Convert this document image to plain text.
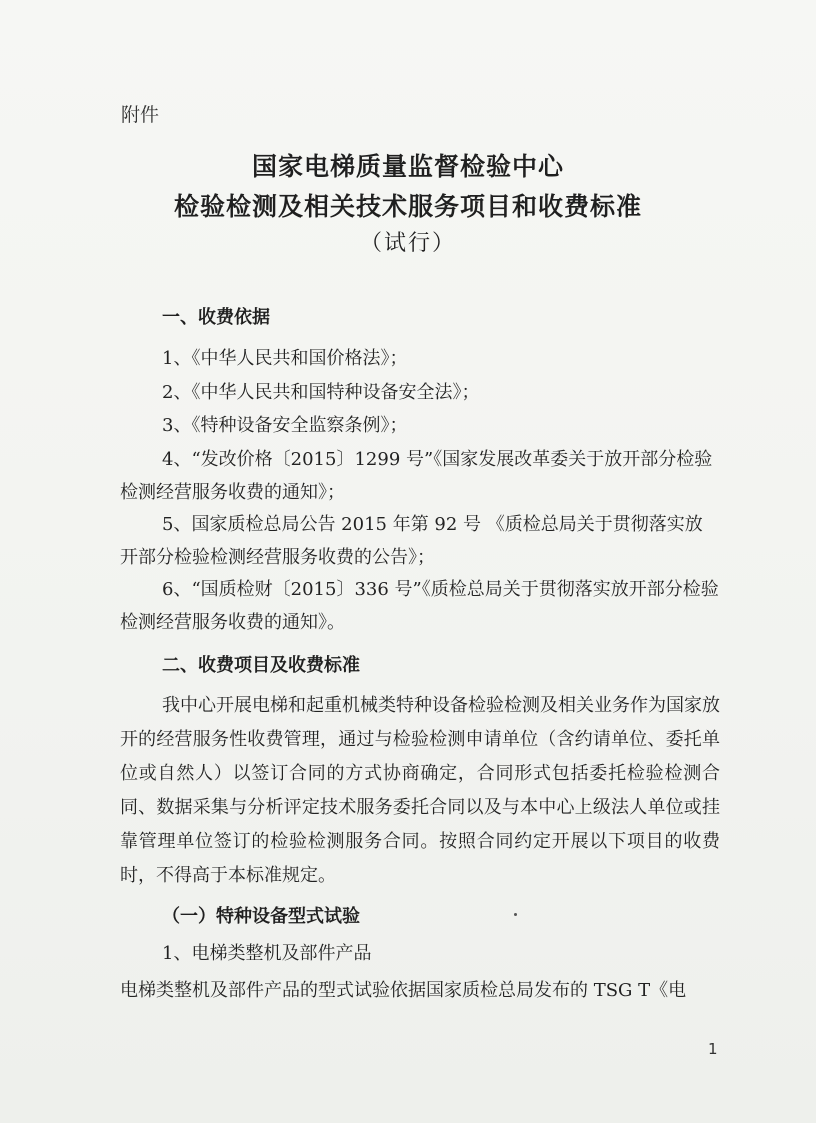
附件

国家电梯质量监督检验中心
检验检测及相关技术服务项目和收费标准

（试行）

一、收费依据

1、《中华人民共和国价格法》；

2、《中华人民共和国特种设备安全法》；

3、《特种设备安全监察条例》；

4、“发改价格〔2015〕1299 号”《国家发展改革委关于放开部分检验检测经营服务收费的通知》；

5、国家质检总局公告 2015 年第 92 号 《质检总局关于贯彻落实放开部分检验检测经营服务收费的公告》；

6、“国质检财〔2015〕336 号”《质检总局关于贯彻落实放开部分检验检测经营服务收费的通知》。

二、收费项目及收费标准

我中心开展电梯和起重机械类特种设备检验检测及相关业务作为国家放开的经营服务性收费管理，通过与检验检测申请单位（含约请单位、委托单位或自然人）以签订合同的方式协商确定，合同形式包括委托检验检测合同、数据采集与分析评定技术服务委托合同以及与本中心上级法人单位或挂靠管理单位签订的检验检测服务合同。按照合同约定开展以下项目的收费时，不得高于本标准规定。

（一）特种设备型式试验

1、电梯类整机及部件产品

电梯类整机及部件产品的型式试验依据国家质检总局发布的 TSG T《电

1
